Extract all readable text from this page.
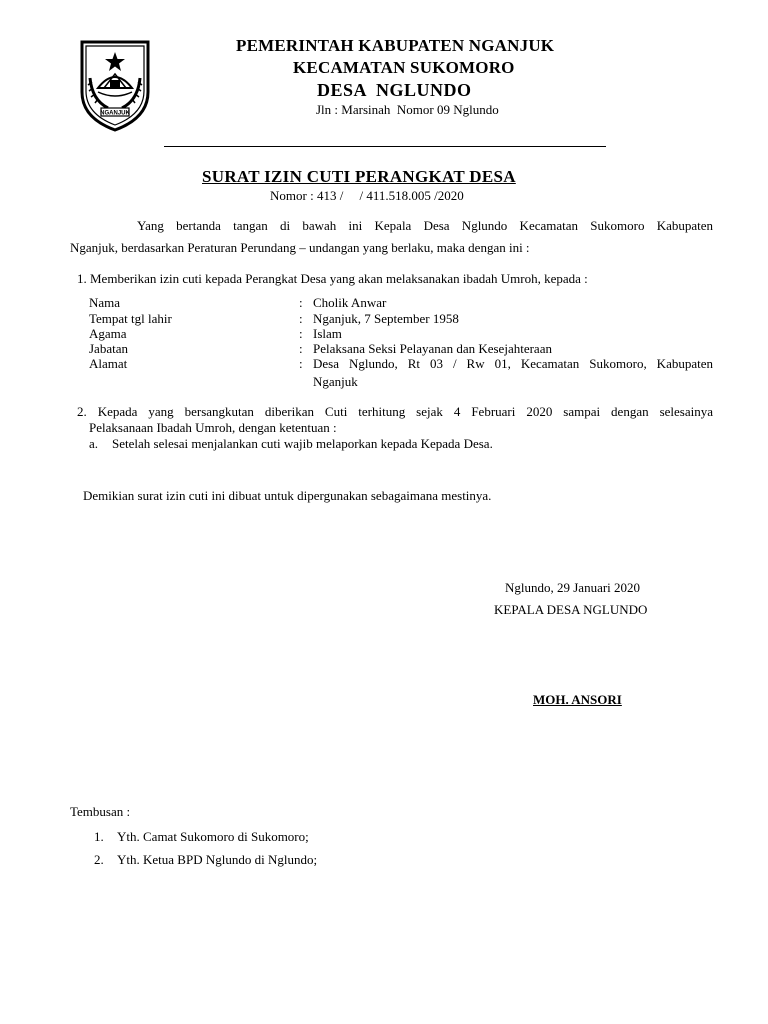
NGANJUK
PEMERINTAH KABUPATEN NGANJUK
KECAMATAN SUKOMORO
DESA  NGLUNDO
Jln : Marsinah  Nomor 09 Nglundo
SURAT IZIN CUTI PERANGKAT DESA
Nomor : 413 /     / 411.518.005 /2020
Yang bertanda tangan di bawah ini Kepala Desa Nglundo Kecamatan Sukomoro Kabupaten
Nganjuk, berdasarkan Peraturan Perundang – undangan yang berlaku, maka dengan ini :
1. Memberikan izin cuti kepada Perangkat Desa yang akan melaksanakan ibadah Umroh, kepada :
Nama	: Cholik Anwar
Tempat tgl lahir	: Nganjuk, 7 September 1958
Agama	: Islam
Jabatan	: Pelaksana Seksi Pelayanan dan Kesejahteraan
Alamat	: Desa Nglundo, Rt 03 / Rw 01, Kecamatan Sukomoro, Kabupaten
Nganjuk
2. Kepada yang bersangkutan diberikan Cuti terhitung sejak 4 Februari 2020 sampai dengan selesainya
Pelaksanaan Ibadah Umroh, dengan ketentuan :
a. Setelah selesai menjalankan cuti wajib melaporkan kepada Kepada Desa.
Demikian surat izin cuti ini dibuat untuk dipergunakan sebagaimana mestinya.
Nglundo, 29 Januari 2020
KEPALA DESA NGLUNDO
MOH. ANSORI
Tembusan :
1. Yth. Camat Sukomoro di Sukomoro;
2. Yth. Ketua BPD Nglundo di Nglundo;
